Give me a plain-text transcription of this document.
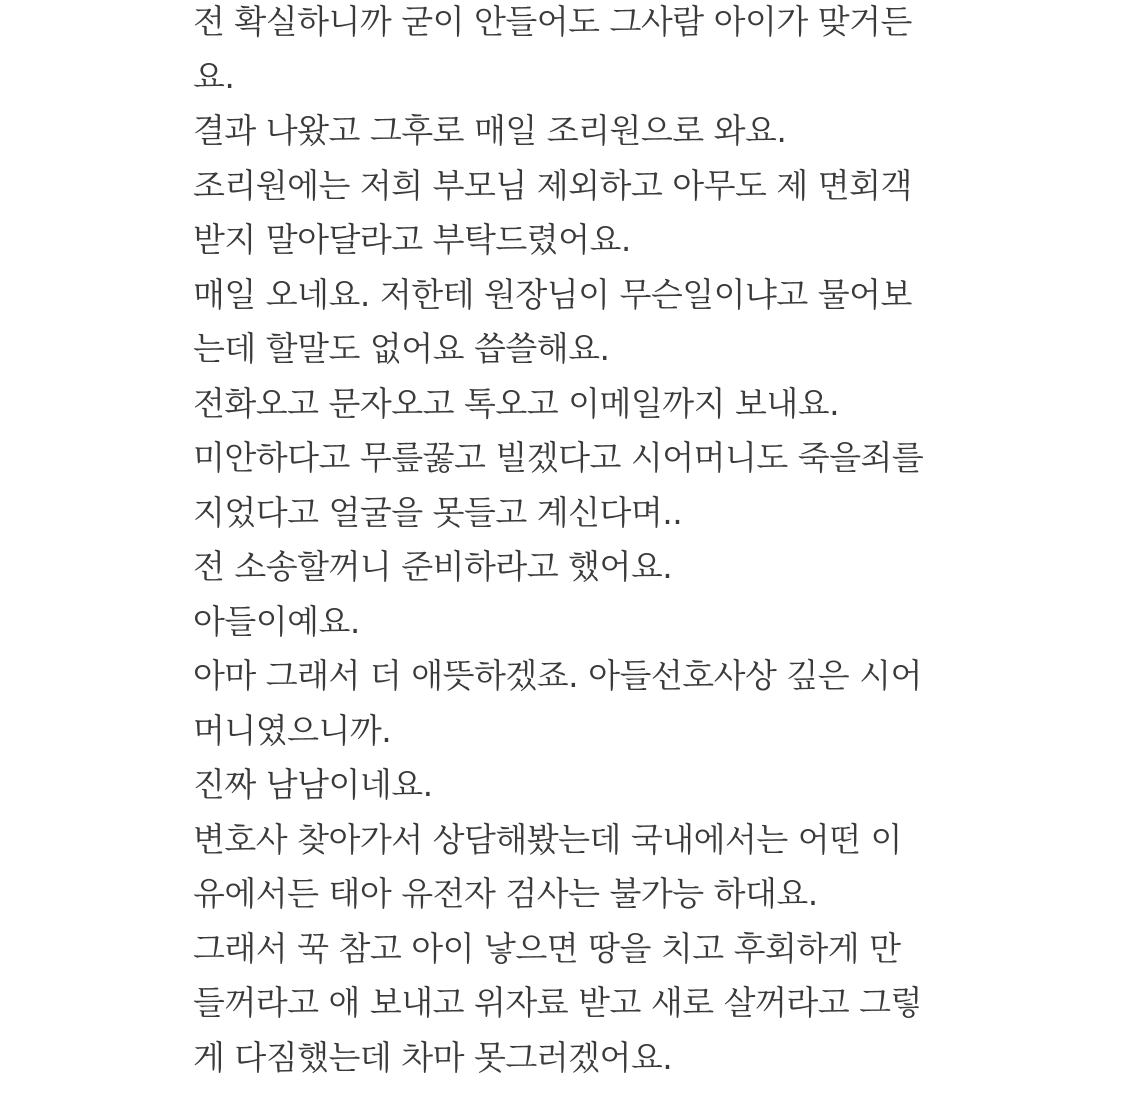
전 확실하니까 굳이 안들어도 그사람 아이가 맞거든
요.
결과 나왔고 그후로 매일 조리원으로 와요.
조리원에는 저희 부모님 제외하고 아무도 제 면회객
받지 말아달라고 부탁드렸어요.
매일 오네요. 저한테 원장님이 무슨일이냐고 물어보
는데 할말도 없어요 씁쓸해요.
전화오고 문자오고 톡오고 이메일까지 보내요.
미안하다고 무릎꿇고 빌겠다고 시어머니도 죽을죄를
지었다고 얼굴을 못들고 계신다며..
전 소송할꺼니 준비하라고 했어요.
아들이예요.
아마 그래서 더 애뜻하겠죠. 아들선호사상 깊은 시어
머니였으니까.
진짜 남남이네요.
변호사 찾아가서 상담해봤는데 국내에서는 어떤 이
유에서든 태아 유전자 검사는 불가능 하대요.
그래서 꾹 참고 아이 낳으면 땅을 치고 후회하게 만
들꺼라고 애 보내고 위자료 받고 새로 살꺼라고 그렇
게 다짐했는데 차마 못그러겠어요.
